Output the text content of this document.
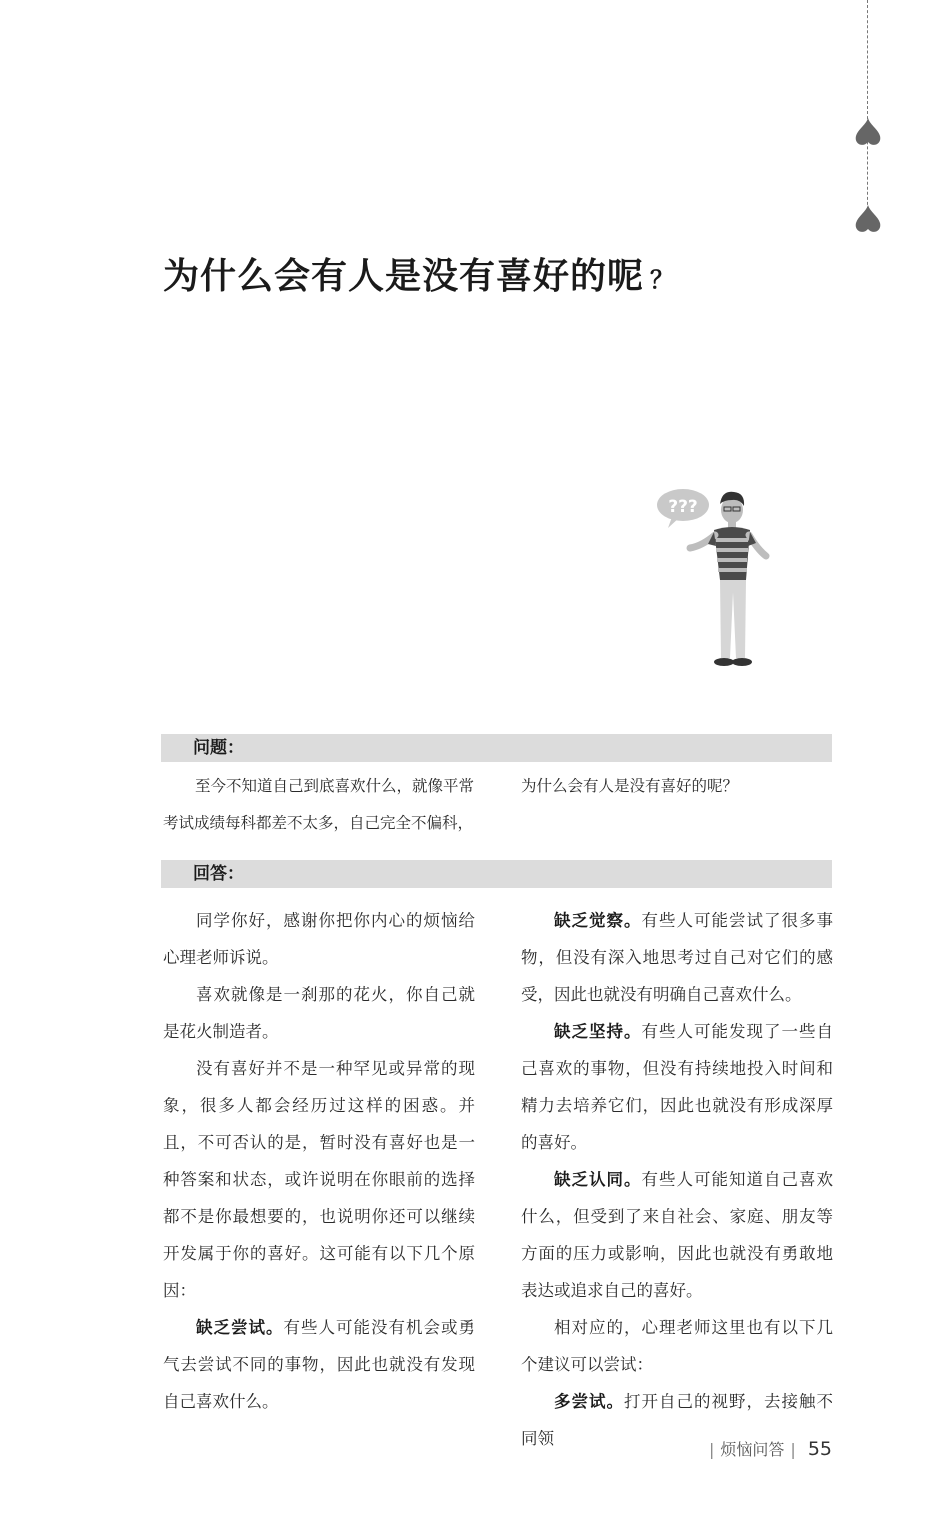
为什么会有人是没有喜好的呢 ？
???
问题：
至今不知道自己到底喜欢什么，就像平常
考试成绩每科都差不太多，自己完全不偏科，
为什么会有人是没有喜好的呢？
回答：

同学你好，感谢你把你内心的烦恼给心理老师诉说。

喜欢就像是一刹那的花火，你自己就是花火制造者。

没有喜好并不是一种罕见或异常的现象，很多人都会经历过这样的困惑。并且，不可否认的是，暂时没有喜好也是一种答案和状态，或许说明在你眼前的选择都不是你最想要的，也说明你还可以继续开发属于你的喜好。这可能有以下几个原因：

缺乏尝试。有些人可能没有机会或勇气去尝试不同的事物，因此也就没有发现自己喜欢什么。

缺乏觉察。有些人可能尝试了很多事物，但没有深入地思考过自己对它们的感受，因此也就没有明确自己喜欢什么。

缺乏坚持。有些人可能发现了一些自己喜欢的事物，但没有持续地投入时间和精力去培养它们，因此也就没有形成深厚的喜好。

缺乏认同。有些人可能知道自己喜欢什么，但受到了来自社会、家庭、朋友等方面的压力或影响，因此也就没有勇敢地表达或追求自己的喜好。

相对应的，心理老师这里也有以下几个建议可以尝试：

多尝试。打开自己的视野，去接触不同领

| 烦恼问答 | 55
